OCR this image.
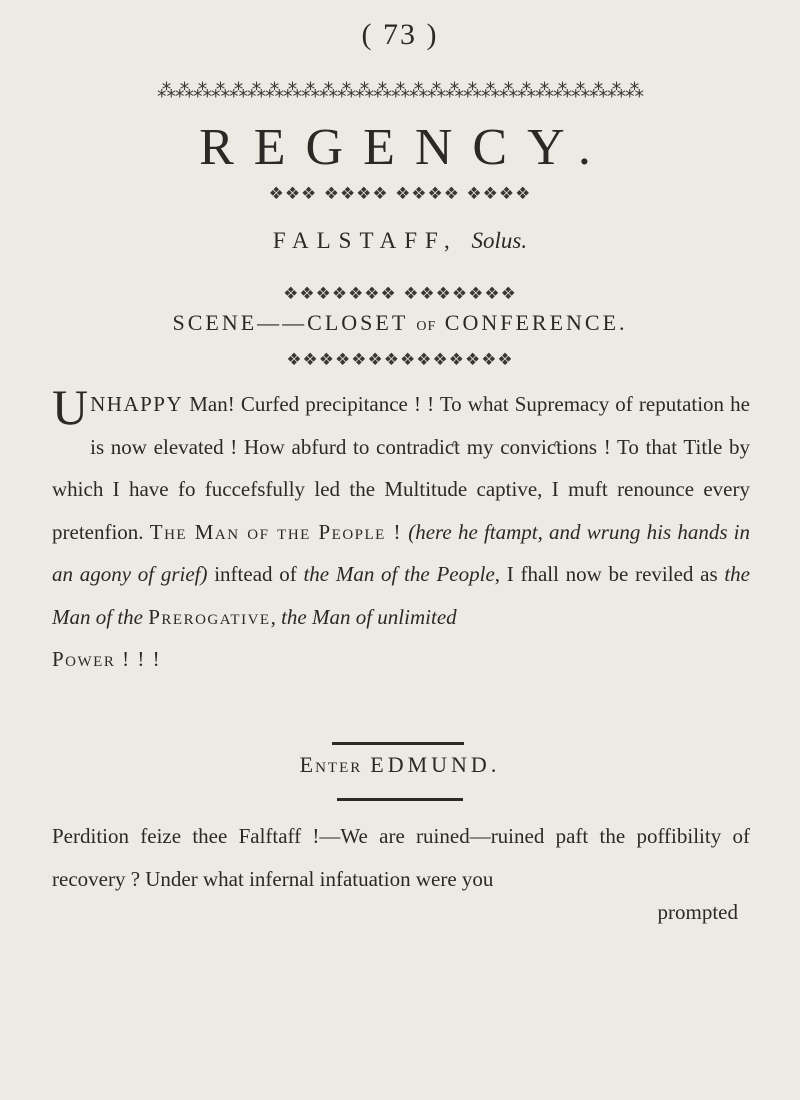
( 73 )
⁂⁂⁂⁂⁂⁂⁂⁂⁂⁂⁂⁂⁂⁂⁂⁂⁂⁂⁂⁂⁂⁂⁂⁂⁂⁂⁂
REGENCY.
❖❖❖ ❖❖❖❖ ❖❖❖❖ ❖❖❖❖
FALSTAFF, Solus.
❖❖❖❖❖❖❖ ❖❖❖❖❖❖❖
SCENE——CLOSET OF CONFERENCE.
❖❖❖❖❖❖❖❖❖❖❖❖❖❖
UNHAPPY Man! Curfed precipitance ! ! To what Supremacy of reputation he is now elevated ! How abfurd to contradiƈt my conviƈtions ! To that Title by which I have fo fuccefsfully led the Multitude captive, I muft renounce every pretenfion. The Man of the People ! (here he ftampt, and wrung his hands in an agony of grief) inftead of the Man of the People, I fhall now be reviled as the Man of the Prerogative, the Man of unlimited
Power ! ! !
Enter EDMUND.
Perdition feize thee Falftaff !—We are ruined—ruined paft the poffibility of recovery ? Under what infernal infatuation were you
prompted
